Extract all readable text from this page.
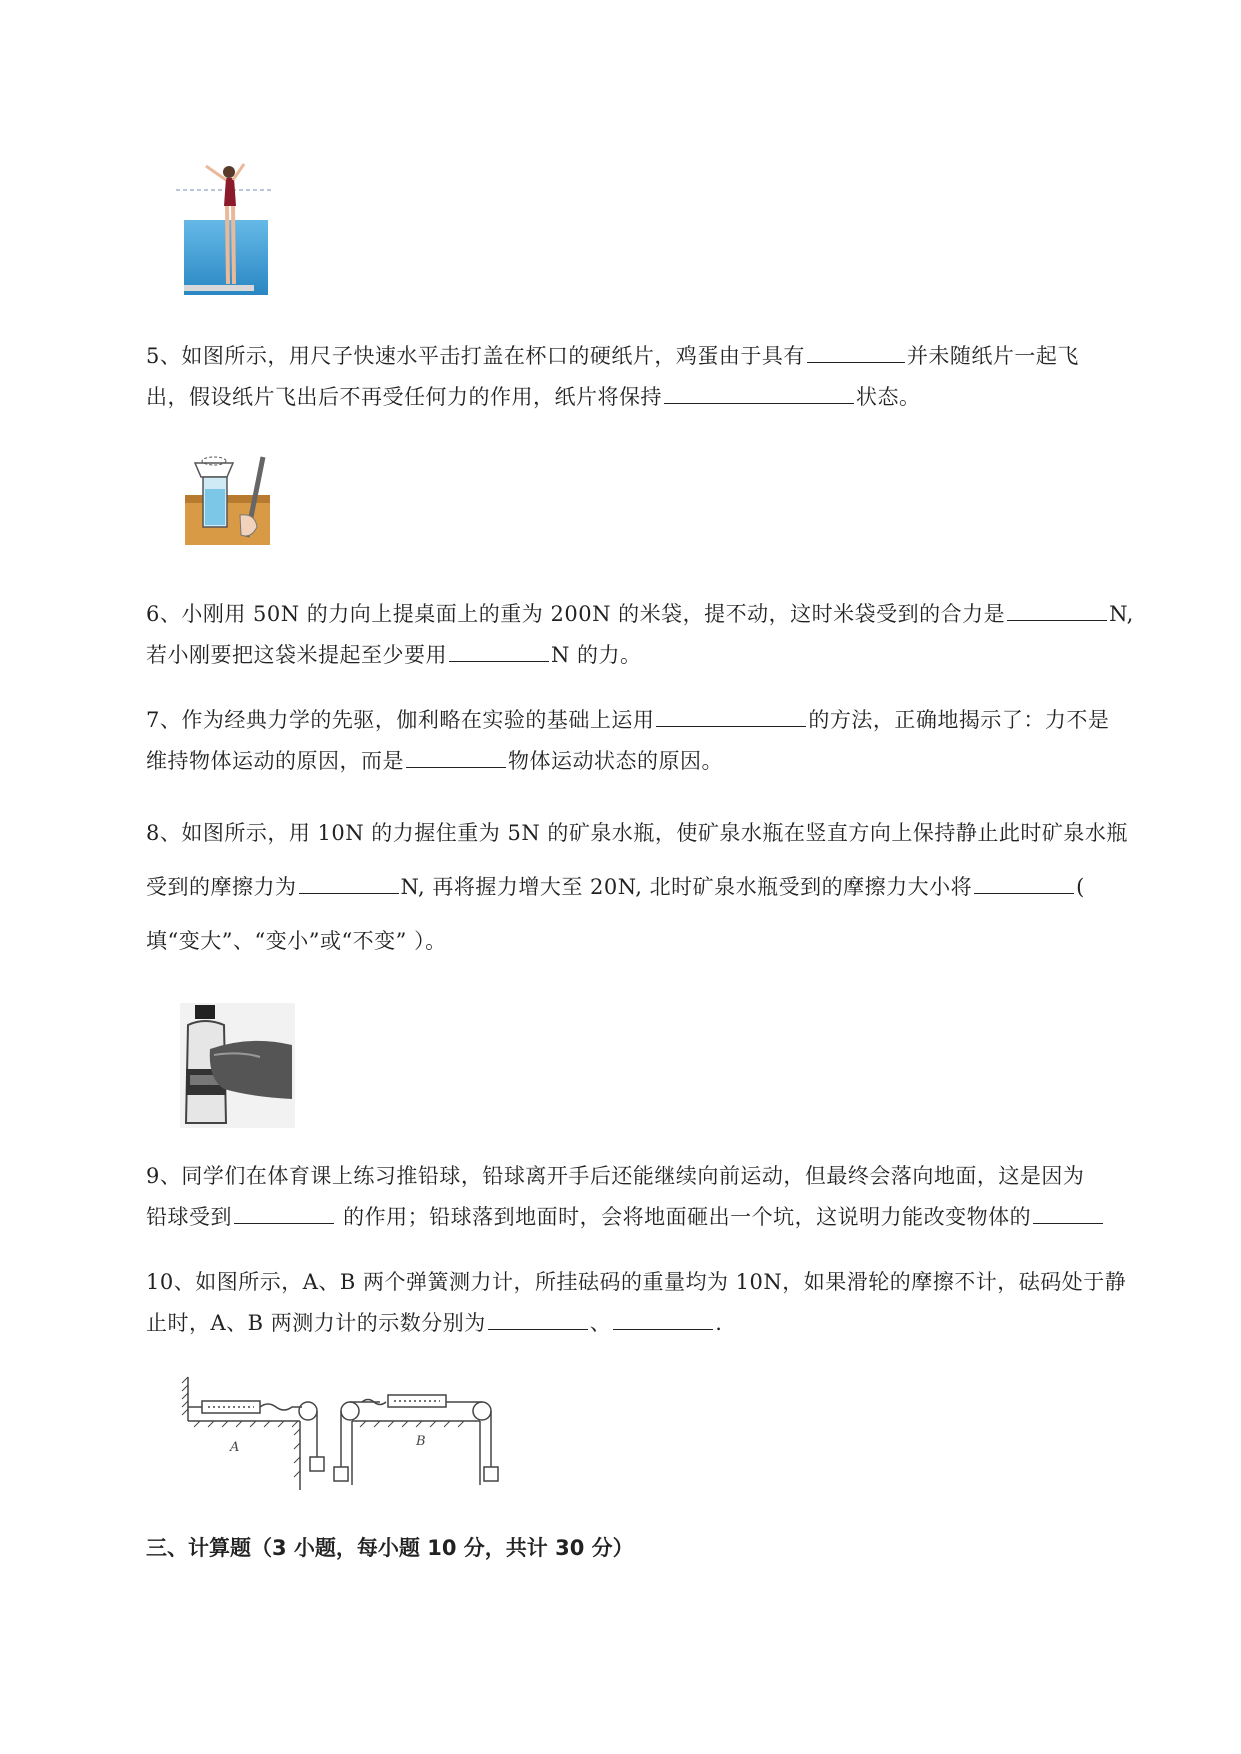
5、如图所示，用尺子快速水平击打盖在杯口的硬纸片，鸡蛋由于具有	并未随纸片一起飞
出，假设纸片飞出后不再受任何力的作用，纸片将保持	状态。
6、小刚用 50N 的力向上提桌面上的重为 200N 的米袋，提不动，这时米袋受到的合力是	N,
若小刚要把这袋米提起至少要用	N 的力。
7、作为经典力学的先驱，伽利略在实验的基础上运用	的方法，正确地揭示了：力不是
维持物体运动的原因，而是	物体运动状态的原因。
8、如图所示，用 10N 的力握住重为 5N 的矿泉水瓶，使矿泉水瓶在竖直方向上保持静止此时矿泉水瓶
受到的摩擦力为	N, 再将握力增大至 20N, 北时矿泉水瓶受到的摩擦力大小将	(
填“变大”、“变小”或“不变” ）。
9、同学们在体育课上练习推铅球，铅球离开手后还能继续向前运动，但最终会落向地面，这是因为
铅球受到	的作用；铅球落到地面时，会将地面砸出一个坑，这说明力能改变物体的
10、如图所示，A、B 两个弹簧测力计，所挂砝码的重量均为 10N，如果滑轮的摩擦不计，砝码处于静
止时，A、B 两测力计的示数分别为	、	.
A	B
三、计算题（3 小题，每小题 10 分，共计 30 分）
